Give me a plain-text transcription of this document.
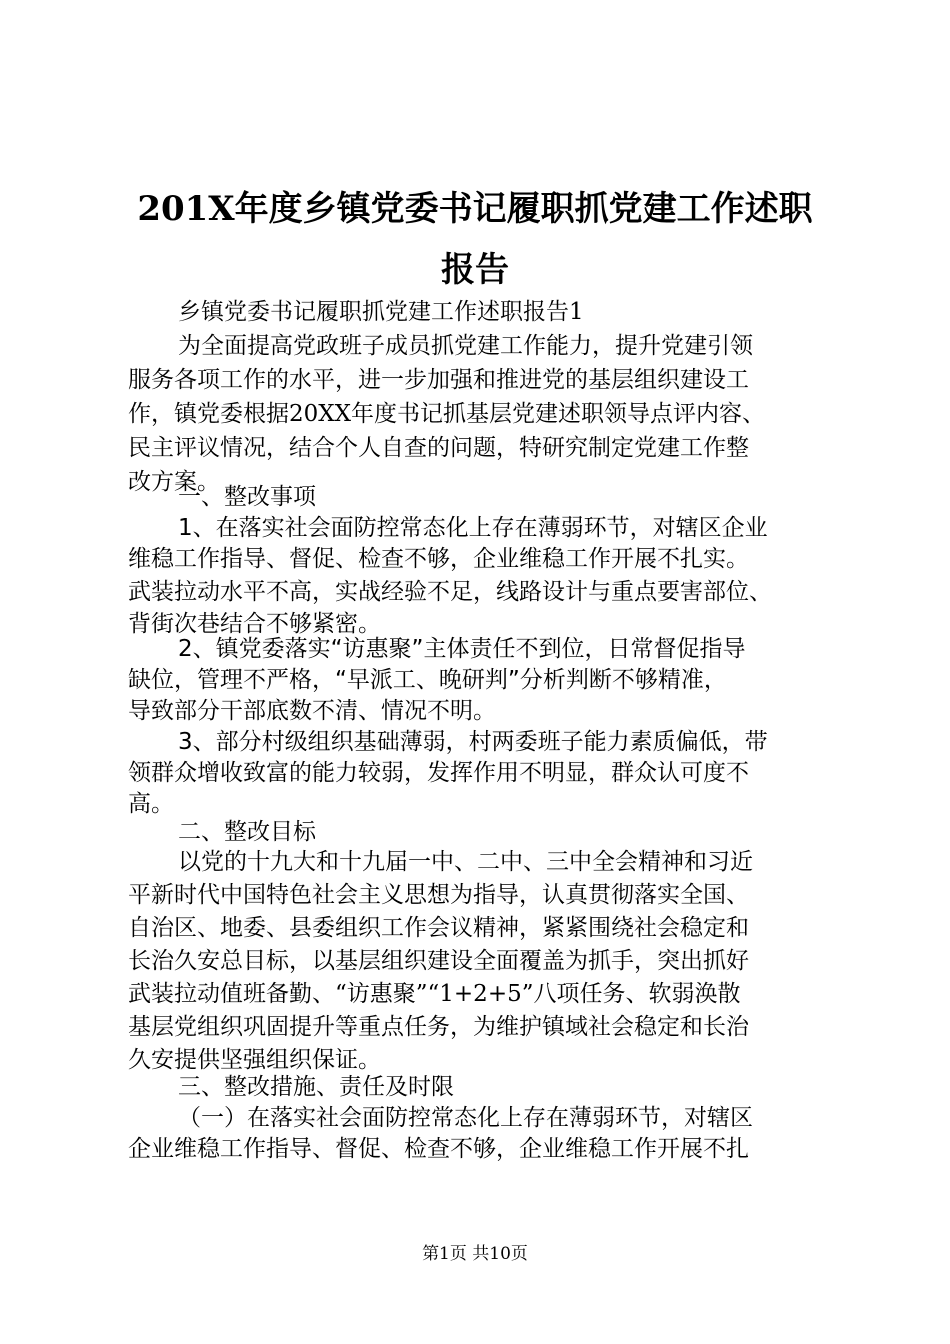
201X年度乡镇党委书记履职抓党建工作述职
报告

乡镇党委书记履职抓党建工作述职报告1

为全面提高党政班子成员抓党建工作能力，提升党建引领

服务各项工作的水平，进一步加强和推进党的基层组织建设工

作，镇党委根据20XX年度书记抓基层党建述职领导点评内容、

民主评议情况，结合个人自查的问题，特研究制定党建工作整

改方案。

一、整改事项

1、在落实社会面防控常态化上存在薄弱环节，对辖区企业

维稳工作指导、督促、检查不够，企业维稳工作开展不扎实。

武装拉动水平不高，实战经验不足，线路设计与重点要害部位、

背街次巷结合不够紧密。

2、镇党委落实“访惠聚”主体责任不到位，日常督促指导

缺位，管理不严格，“早派工、晚研判”分析判断不够精准，

导致部分干部底数不清、情况不明。

3、部分村级组织基础薄弱，村两委班子能力素质偏低，带

领群众增收致富的能力较弱，发挥作用不明显，群众认可度不

高。

二、整改目标

以党的十九大和十九届一中、二中、三中全会精神和习近

平新时代中国特色社会主义思想为指导，认真贯彻落实全国、

自治区、地委、县委组织工作会议精神，紧紧围绕社会稳定和

长治久安总目标，以基层组织建设全面覆盖为抓手，突出抓好

武装拉动值班备勤、“访惠聚”“1+2+5”八项任务、软弱涣散

基层党组织巩固提升等重点任务，为维护镇域社会稳定和长治

久安提供坚强组织保证。

三、整改措施、责任及时限

（一）在落实社会面防控常态化上存在薄弱环节，对辖区

企业维稳工作指导、督促、检查不够，企业维稳工作开展不扎

第1页 共10页
